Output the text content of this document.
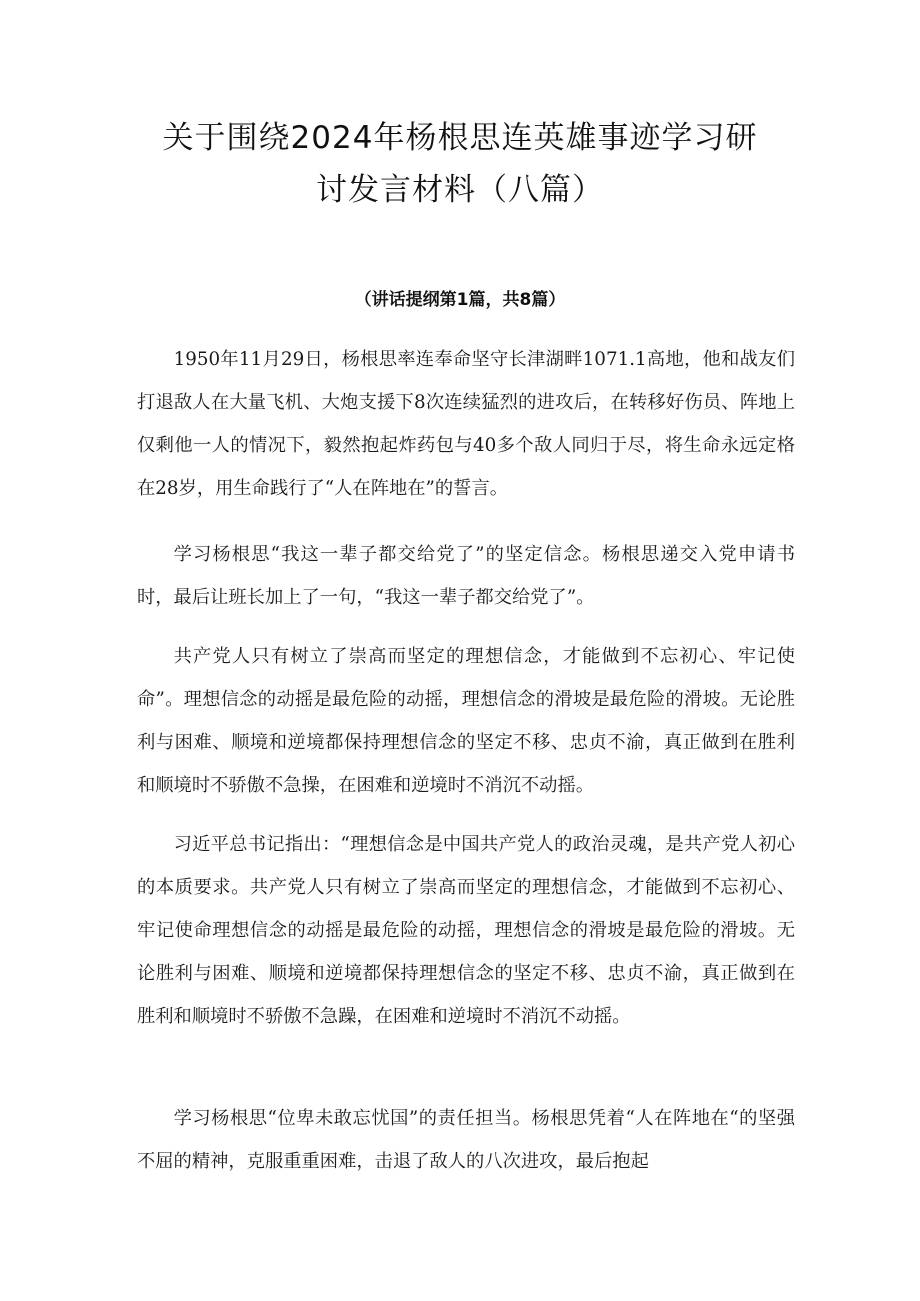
关于围绕2024年杨根思连英雄事迹学习研
讨发言材料（八篇）

（讲话提纲第1篇，共8篇）

1950年11月29日，杨根思率连奉命坚守长津湖畔1071.1高地，他和战友们打退敌人在大量飞机、大炮支援下8次连续猛烈的进攻后，在转移好伤员、阵地上仅剩他一人的情况下，毅然抱起炸药包与40多个敌人同归于尽，将生命永远定格在28岁，用生命践行了“人在阵地在”的誓言。

学习杨根思“我这一辈子都交给党了”的坚定信念。杨根思递交入党申请书时，最后让班长加上了一句，“我这一辈子都交给党了”。

共产党人只有树立了崇高而坚定的理想信念，才能做到不忘初心、牢记使命”。理想信念的动摇是最危险的动摇，理想信念的滑坡是最危险的滑坡。无论胜利与困难、顺境和逆境都保持理想信念的坚定不移、忠贞不渝，真正做到在胜利和顺境时不骄傲不急操，在困难和逆境时不消沉不动摇。

习近平总书记指出：“理想信念是中国共产党人的政治灵魂，是共产党人初心的本质要求。共产党人只有树立了崇高而坚定的理想信念，才能做到不忘初心、牢记使命理想信念的动摇是最危险的动摇，理想信念的滑坡是最危险的滑坡。无论胜利与困难、顺境和逆境都保持理想信念的坚定不移、忠贞不渝，真正做到在胜利和顺境时不骄傲不急躁，在困难和逆境时不消沉不动摇。

学习杨根思“位卑未敢忘忧国”的责任担当。杨根思凭着“人在阵地在“的坚强不屈的精神，克服重重困难，击退了敌人的八次进攻，最后抱起
